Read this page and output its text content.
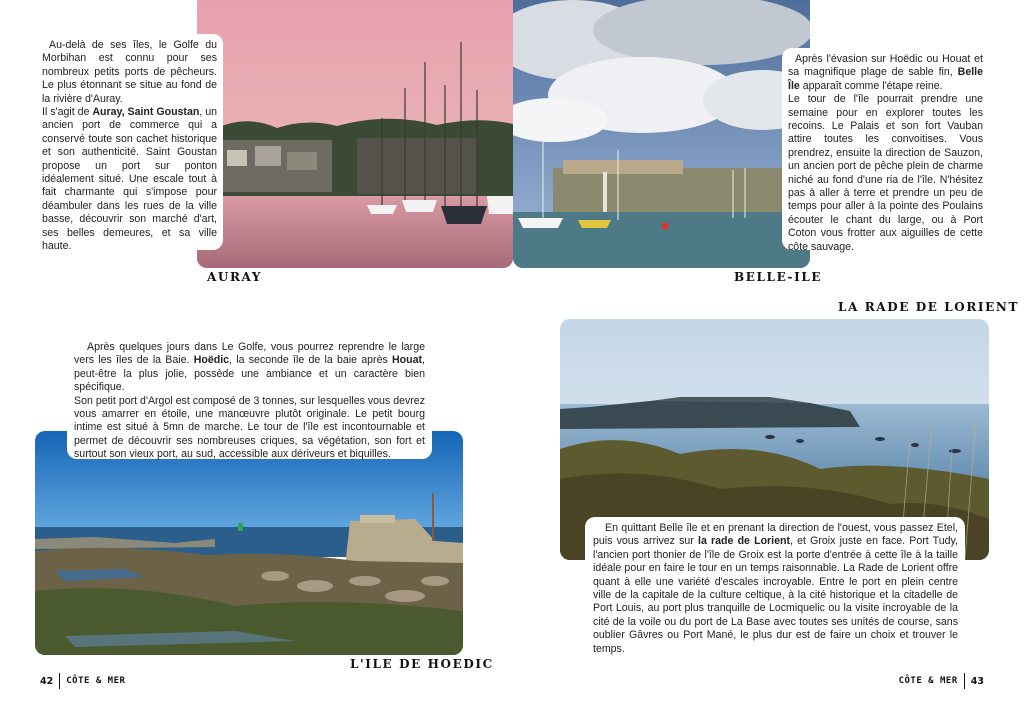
Au-delà de ses îles, le Golfe du Morbihan est connu pour ses nombreux petits ports de pêcheurs. Le plus étonnant se situe au fond de la rivière d'Auray.

Il s'agit de Auray, Saint Goustan, un ancien port de commerce qui a conservé toute son cachet historique et son authenticité. Saint Goustan propose un port sur ponton idéalement situé. Une escale tout à fait charmante qui s'impose pour déambuler dans les rues de la ville basse, découvrir son marché d'art, ses belles demeures, et sa ville haute.

Après l'évasion sur Hoëdic ou Houat et sa magnifique plage de sable fin, Belle Île apparaît comme l'étape reine.

Le tour de l'île pourrait prendre une semaine pour en explorer toutes les recoins. Le Palais et son fort Vauban attire toutes les convoitises. Vous prendrez, ensuite la direction de Sauzon, un ancien port de pêche plein de charme niché au fond d'une ria de l'île. N'hésitez pas à aller à terre et prendre un peu de temps pour aller à la pointe des Poulains écouter le chant du large, ou à Port Coton vous frotter aux aiguilles de cette côte sauvage.

Après quelques jours dans Le Golfe, vous pourrez reprendre le large vers les îles de la Baie. Hoëdic, la seconde île de la baie après Houat, peut-être la plus jolie, possède une ambiance et un caractère bien spécifique.

Son petit port d'Argol est composé de 3 tonnes, sur lesquelles vous devrez vous amarrer en étoile, une manœuvre plutôt originale. Le petit bourg intime est situé à 5mn de marche. Le tour de l'île est incontournable et permet de découvrir ses nombreuses criques, sa végétation, son fort et surtout son vieux port, au sud, accessible aux dériveurs et biquilles.

En quittant Belle île et en prenant la direction de l'ouest, vous passez Etel, puis vous arrivez sur la rade de Lorient, et Groix juste en face. Port Tudy, l'ancien port thonier de l'île de Groix est la porte d'entrée à cette île à la taille idéale pour en faire le tour en un temps raisonnable. La Rade de Lorient offre quant à elle une variété d'escales incroyable. Entre le port en plein centre ville de la capitale de la culture celtique, à la cité historique et la citadelle de Port Louis, au port plus tranquille de Locmiquelic ou la visite incroyable de la cité de la voile ou du port de La Base avec toutes ses unités de course, sans oublier Gâvres ou Port Mané, le plus dur est de faire un choix et trouver le temps.

AURAY	BELLE-ILE
LA RADE DE LORIENT
L'ILE DE HOEDIC
42 CÔTE & MER	CÔTE & MER 43
